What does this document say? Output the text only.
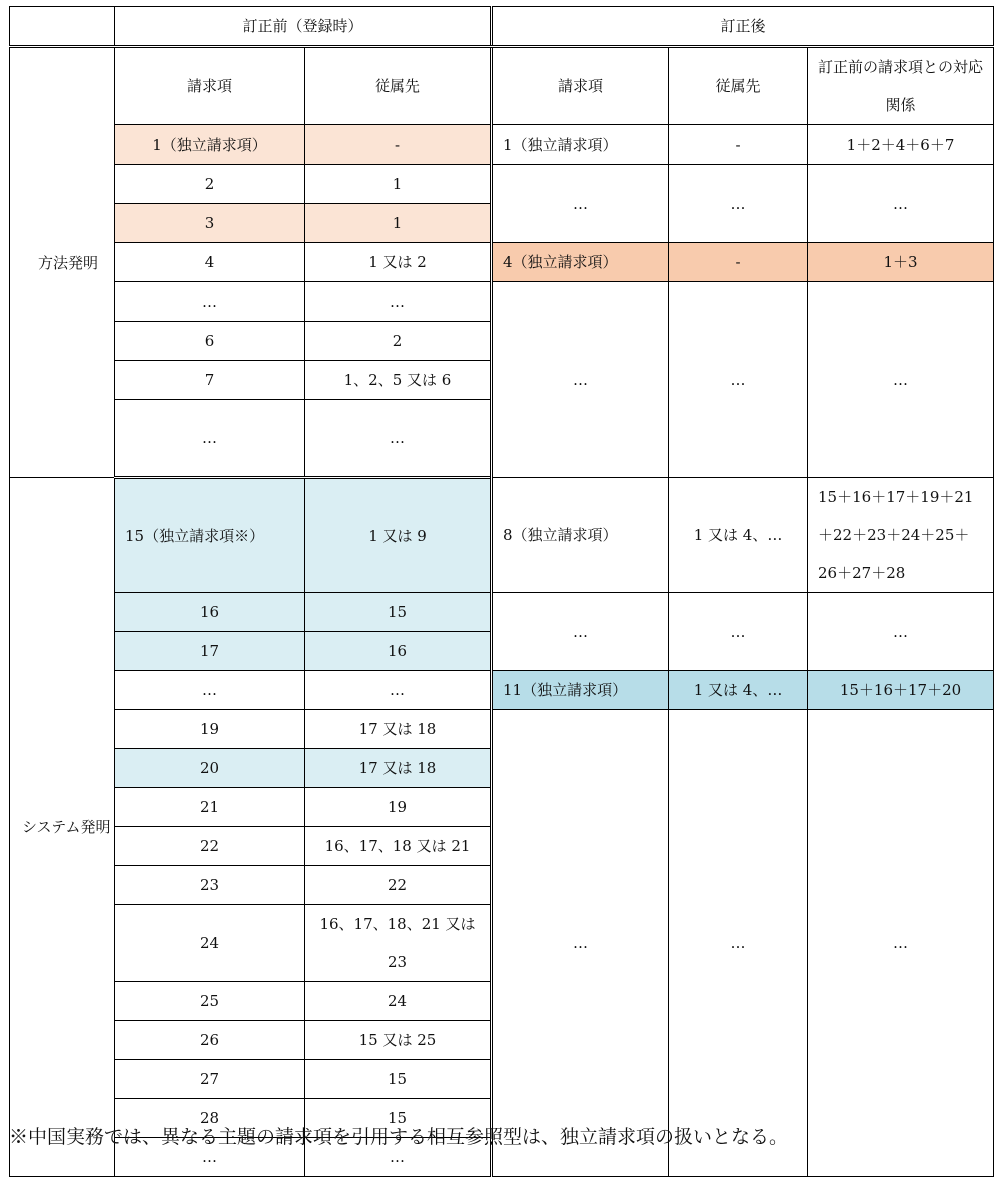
	訂正前（登録時）		訂正後		
方法発明	請求項	従属先	請求項	従属先	訂正前の請求項との対応関係
	1（独立請求項）	-	1（独立請求項）	-	1＋2＋4＋6＋7
	2	1	…	…	…
	3	1			
	4	1 又は 2	4（独立請求項）	-	1＋3
	…	…	…	…	…
	6	2			
	7	1、2、5 又は 6			
	…	…			
システム発明	15（独立請求項※）	1 又は 9	8（独立請求項）	1 又は 4、…	15＋16＋17＋19＋21＋22＋23＋24＋25＋26＋27＋28
	16	15	…	…	…
	17	16			
	…	…	11（独立請求項）	1 又は 4、…	15＋16＋17＋20
	19	17 又は 18	…	…	…
	20	17 又は 18			
	21	19			
	22	16、17、18 又は 21			
	23	22			
	24	16、17、18、21 又は 23			
	25	24			
	26	15 又は 25			
	27	15			
	28	15			
	…	…			
※中国実務では、異なる主題の請求項を引用する相互参照型は、独立請求項の扱いとなる。
